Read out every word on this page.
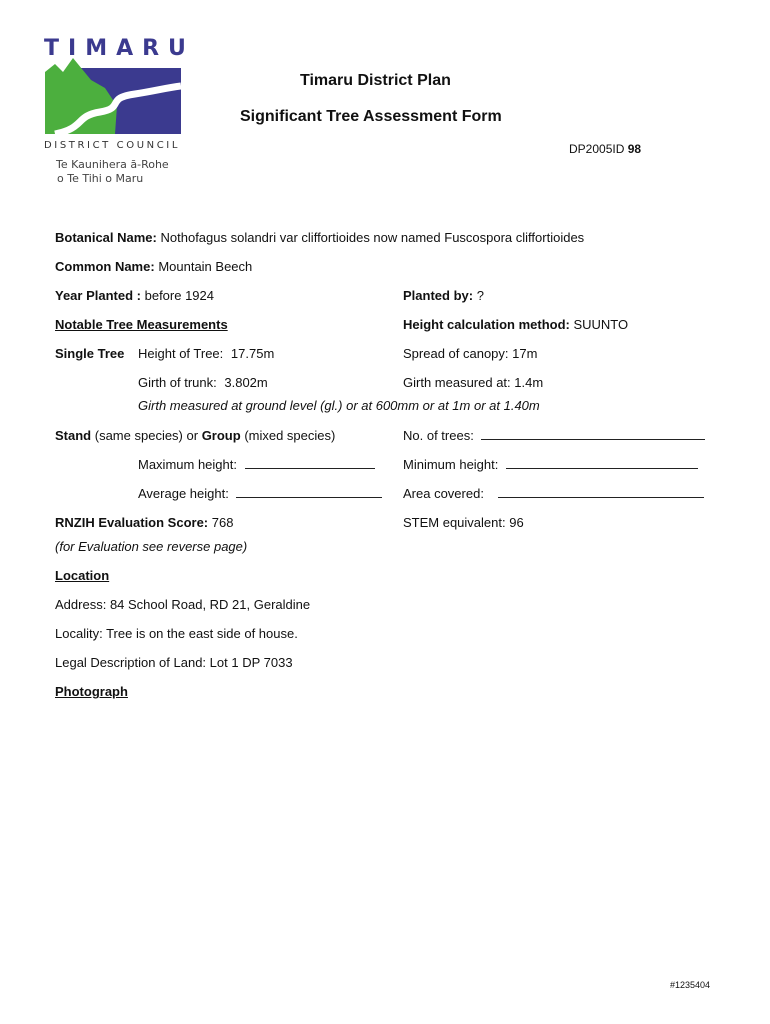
TIMARU
DISTRICT COUNCIL
Te Kaunihera ā-Rohe
o Te Tihi o Maru
Timaru District Plan
Significant Tree Assessment Form
DP2005ID 98
Botanical Name: Nothofagus solandri var cliffortioides now named Fuscospora cliffortioides
Common Name: Mountain Beech
Year Planted : before 1924	Planted by: ?
Notable Tree Measurements	Height calculation method: SUUNTO
Single Tree Height of Tree: 17.75m	Spread of canopy: 17m
Girth of trunk: 3.802m	Girth measured at: 1.4m
Girth measured at ground level (gl.) or at 600mm or at 1m or at 1.40m
Stand (same species) or Group (mixed species)	No. of trees:
Maximum height:	Minimum height:
Average height:	Area covered:
RNZIH Evaluation Score: 768	STEM equivalent: 96
(for Evaluation see reverse page)
Location
Address: 84 School Road, RD 21, Geraldine
Locality: Tree is on the east side of house.
Legal Description of Land: Lot 1 DP 7033
Photograph
#1235404
